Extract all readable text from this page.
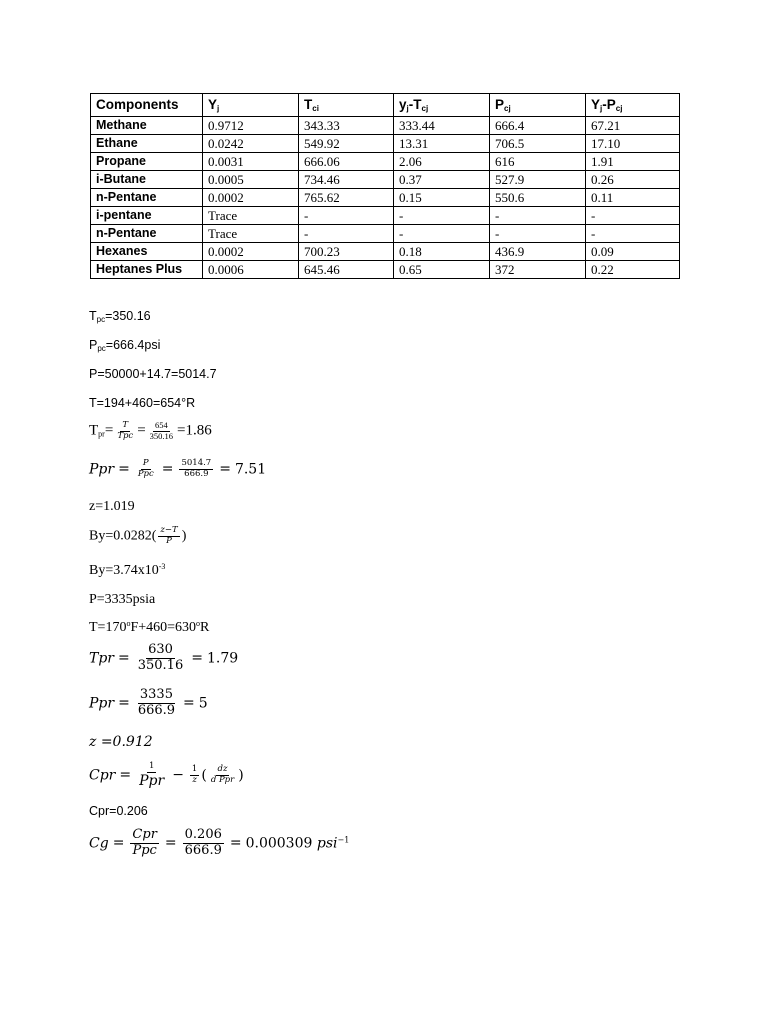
Components	$Y_j$	$T_{ci}$	$y_j-T_{cj}$	$P_{cj}$	$Y_j-P_{cj}$
Methane	0.9712	343.33	333.44	666.4	67.21
Ethane	0.0242	549.92	13.31	706.5	17.10
Propane	0.0031	666.06	2.06	616	1.91
i-Butane	0.0005	734.46	0.37	527.9	0.26
n-Pentane	0.0002	765.62	0.15	550.6	0.11
i-pentane	Trace	-	-	-	-
n-Pentane	Trace	-	-	-	-
Hexanes	0.0002	700.23	0.18	436.9	0.09
Heptanes Plus	0.0006	645.46	0.65	372	0.22
$T_{pc}=350.16$
$P_{pc}=666.4psi$
P=50000+14.7=5014.7
T=194+460=654°R
$T_{pr}= \frac{T}{\text{Tpc}} = \frac{654}{350.16} =1.86$
Ppr = $\frac{P}{\text{Ppc}} = \frac{5014.7}{666.9} = 7.51$
z=1.019
$By=0.0282( \frac{z-T}{P}$ )
$By=3.74x10^{-3}$
P=3335psia
$T=170^oF+460=630^oR$
Tpr = $\frac{630}{350.16} = 1.79$
Ppr = $\frac{3335}{666.9} = 5$
z =0.912
Cpr = $\frac{1}{\text{Ppr}} - \frac{1}{z}$ ( $\frac{dz}{\text{d Ppr}}$ )
Cpr=0.206
$Cg = \frac{\text{Cpr}}{\text{Ppc}} = \frac{0.206}{666.9} = 0.000309$ psi$^{-1}$
